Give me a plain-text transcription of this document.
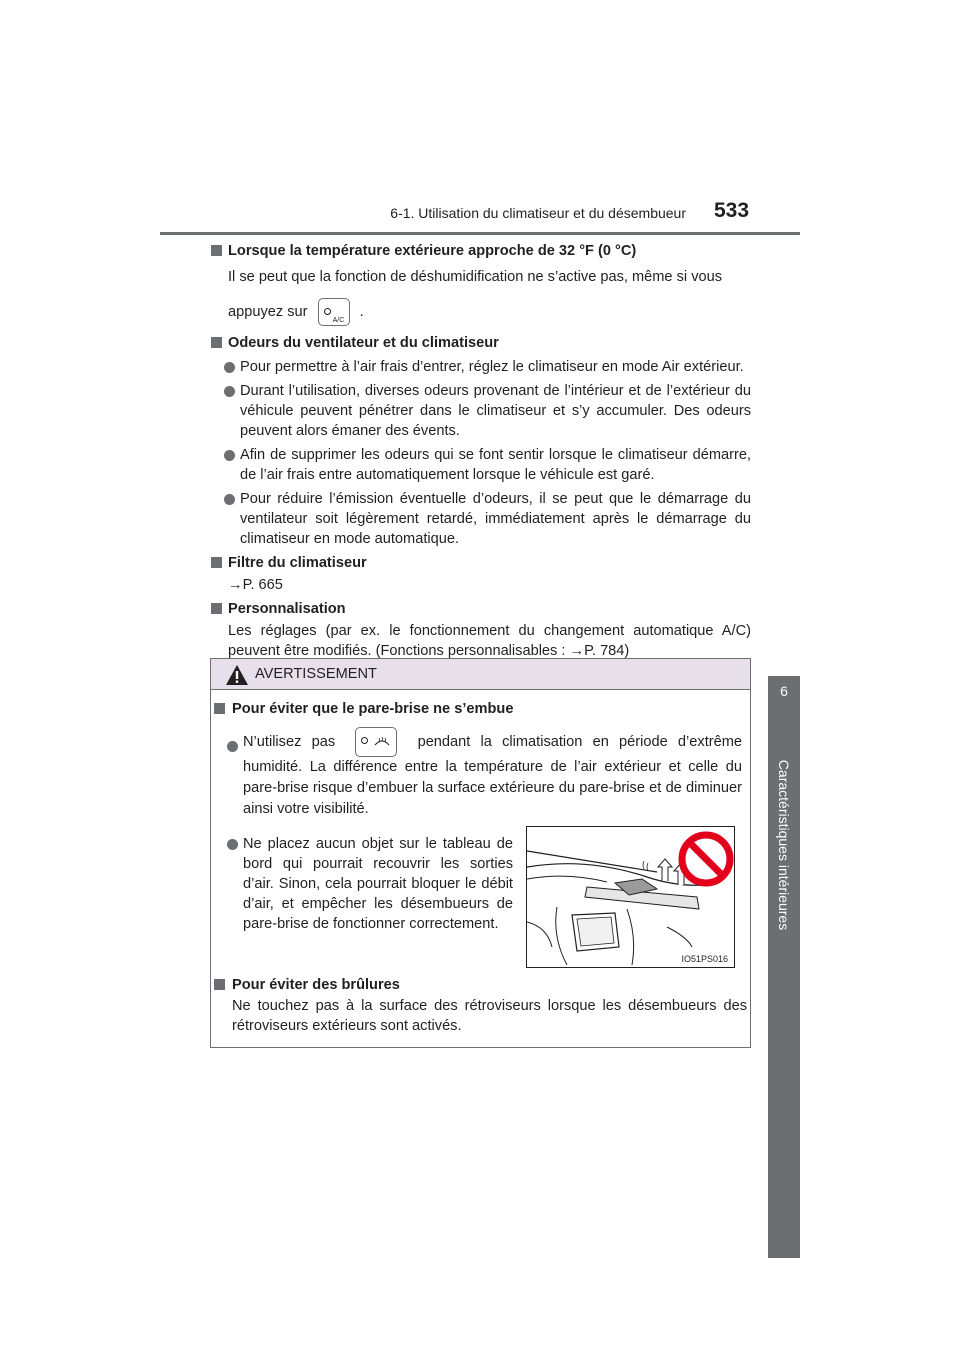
6-1. Utilisation du climatiseur et du désembueur 533
6
Caractéristiques intérieures

Lorsque la température extérieure approche de 32 °F (0 °C)

Il se peut que la fonction de déshumidification ne s’active pas, même si vous

appuyez sur
A/C
.

Odeurs du ventilateur et du climatiseur

Pour permettre à l’air frais d’entrer, réglez le climatiseur en mode Air extérieur.

Durant l’utilisation, diverses odeurs provenant de l’intérieur et de l’extérieur du véhicule peuvent pénétrer dans le climatiseur et s’y accumuler. Des odeurs peuvent alors émaner des évents.

Afin de supprimer les odeurs qui se font sentir lorsque le climatiseur démarre, de l’air frais entre automatiquement lorsque le véhicule est garé.

Pour réduire l’émission éventuelle d’odeurs, il se peut que le démarrage du ventilateur soit légèrement retardé, immédiatement après le démarrage du climatiseur en mode automatique.

Filtre du climatiseur

→P. 665

Personnalisation

Les réglages (par ex. le fonctionnement du changement automatique A/C) peuvent être modifiés. (Fonctions personnalisables : →P. 784)

AVERTISSEMENT

Pour éviter que le pare-brise ne s’embue

N’utilisez pas	pendant la climatisation en période d’extrême humidité. La différence entre la température de l’air extérieur et celle du pare-brise risque d’embuer la surface extérieure du pare-brise et de diminuer ainsi votre visibilité.

Ne placez aucun objet sur le tableau de bord qui pourrait recouvrir les sorties d’air. Sinon, cela pourrait bloquer le débit d’air, et empêcher les désembueurs de pare-brise de fonctionner correctement.

Pour éviter des brûlures

Ne touchez pas à la surface des rétroviseurs lorsque les désembueurs des rétroviseurs extérieurs sont activés.

IO51PS016
